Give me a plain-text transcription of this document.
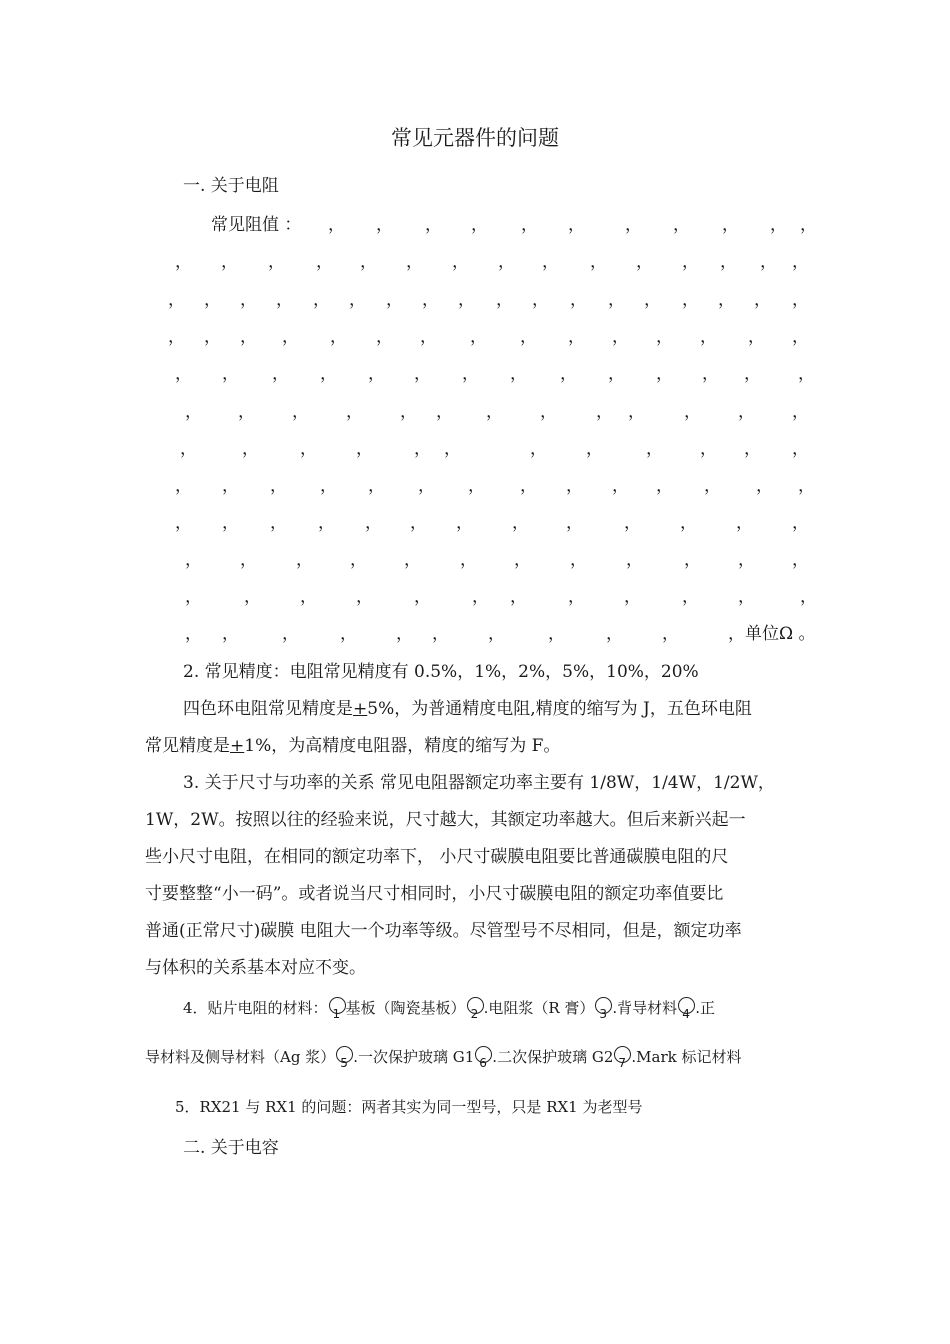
常见元器件的问题
一. 关于电阻
常见阻值 ： ， ， ， ， ， ， ， ， ， ， ，
， ， ， ， ， ， ， ， ， ， ， ， ， ， ，
， ， ， ， ， ， ， ， ， ， ， ， ， ， ， ， ， ，
， ， ， ， ， ， ， ， ， ， ， ， ， ， ，
， ， ， ， ， ， ， ， ， ， ， ， ， ，
， ， ， ， ， ， ， ， ， ， ， ， ，
，	， ， ， ， ，	， ，	， ， ， ，
， ， ， ， ， ， ， ， ， ， ， ， ， ，
， ， ， ， ， ， ， ， ， ， ， ， ，
， ， ， ， ， ， ， ， ， ， ， ，
， ， ， ， ， ， ， ， ， ， ，	，
， ，	， ， ， ， ，	， ， ，	，单位Ω 。
2. 常见精度：电阻常见精度有 0.5%，1%，2%，5%，10%，20%
四色环电阻常见精度是+5%，为普通精度电阻,精度的缩写为 J，五色环电阻
常见精度是+1%，为高精度电阻器，精度的缩写为 F。
3. 关于尺寸与功率的关系 常见电阻器额定功率主要有 1/8W，1/4W，1/2W，
1W，2W。按照以往的经验来说，尺寸越大，其额定功率越大。但后来新兴起一
些小尺寸电阻，在相同的额定功率下， 小尺寸碳膜电阻要比普通碳膜电阻的尺
寸要整整“小一码”。或者说当尺寸相同时，小尺寸碳膜电阻的额定功率值要比
普通(正常尺寸)碳膜 电阻大一个功率等级。尽管型号不尽相同，但是，额定功率
与体积的关系基本对应不变。
4．贴片电阻的材料： 1 基板（陶瓷基板） 2 .电阻浆（R 膏） 3 .背导材料 4 .正
导材料及侧导材料（Ag 浆） 5 .一次保护玻璃 G1 6 .二次保护玻璃 G2 7 .Mark 标记材料
5．RX21 与 RX1 的问题：两者其实为同一型号，只是 RX1 为老型号
二. 关于电容
